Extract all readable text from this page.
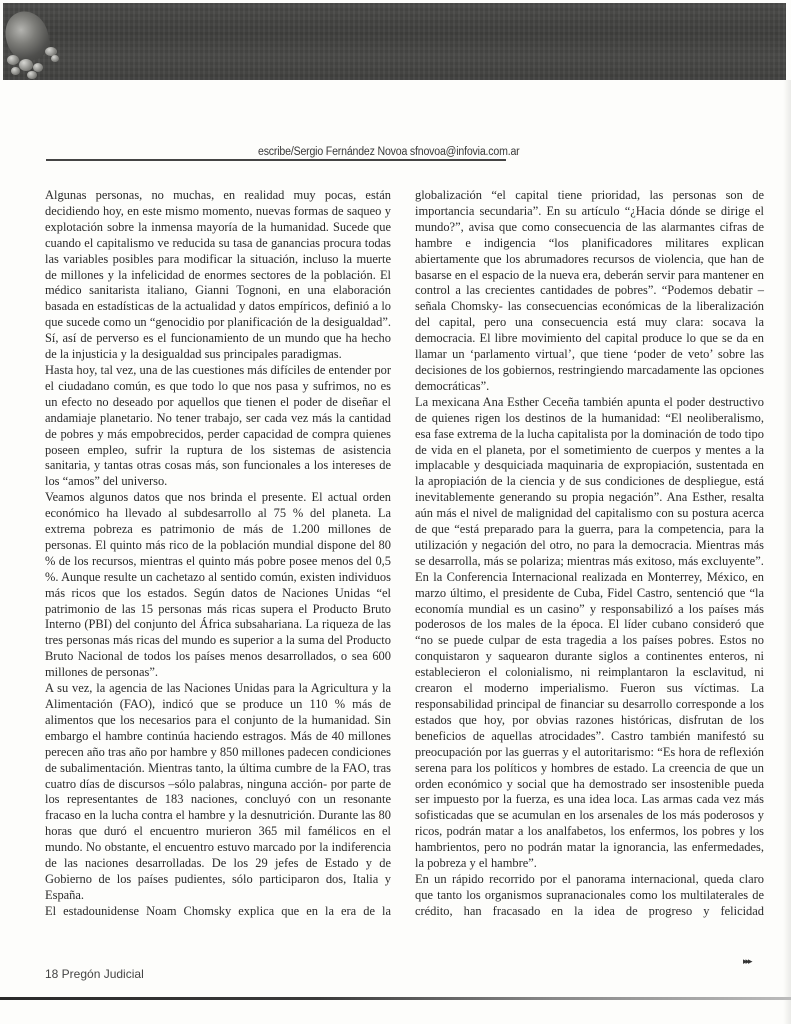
escribe/Sergio Fernández Novoa sfnovoa@infovia.com.ar

Algunas personas, no muchas, en realidad muy pocas, están decidiendo hoy, en este mismo momento, nuevas formas de saqueo y explotación sobre la inmensa mayoría de la humanidad. Sucede que cuando el capitalismo ve reducida su tasa de ganancias procura todas las variables posibles para modificar la situación, incluso la muerte de millones y la infelicidad de enormes sectores de la población. El médico sanitarista italiano, Gianni Tognoni, en una elaboración basada en estadísticas de la actualidad y datos empíricos, definió a lo que sucede como un “genocidio por planificación de la desigualdad”. Sí, así de perverso es el funcionamiento de un mundo que ha hecho de la injusticia y la desigualdad sus principales paradigmas.

Hasta hoy, tal vez, una de las cuestiones más difíciles de entender por el ciudadano común, es que todo lo que nos pasa y sufrimos, no es un efecto no deseado por aquellos que tienen el poder de diseñar el andamiaje planetario. No tener trabajo, ser cada vez más la cantidad de pobres y más empobrecidos, perder capacidad de compra quienes poseen empleo, sufrir la ruptura de los sistemas de asistencia sanitaria, y tantas otras cosas más, son funcionales a los intereses de los “amos” del universo.

Veamos algunos datos que nos brinda el presente. El actual orden económico ha llevado al subdesarrollo al 75 % del planeta. La extrema pobreza es patrimonio de más de 1.200 millones de personas. El quinto más rico de la población mundial dispone del 80 % de los recursos, mientras el quinto más pobre posee menos del 0,5 %. Aunque resulte un cachetazo al sentido común, existen individuos más ricos que los estados. Según datos de Naciones Unidas “el patrimonio de las 15 personas más ricas supera el Producto Bruto Interno (PBI) del conjunto del África subsahariana. La riqueza de las tres personas más ricas del mundo es superior a la suma del Producto Bruto Nacional de todos los países menos desarrollados, o sea 600 millones de personas”.

A su vez, la agencia de las Naciones Unidas para la Agricultura y la Alimentación (FAO), indicó que se produce un 110 % más de alimentos que los necesarios para el conjunto de la humanidad. Sin embargo el hambre continúa haciendo estragos. Más de 40 millones perecen año tras año por hambre y 850 millones padecen condiciones de subalimentación. Mientras tanto, la última cumbre de la FAO, tras cuatro días de discursos –sólo palabras, ninguna acción- por parte de los representantes de 183 naciones, concluyó con un resonante fracaso en la lucha contra el hambre y la desnutrición. Durante las 80 horas que duró el encuentro murieron 365 mil famélicos en el mundo. No obstante, el encuentro estuvo marcado por la indiferencia de las naciones desarrolladas. De los 29 jefes de Estado y de Gobierno de los países pudientes, sólo participaron dos, Italia y España.

El estadounidense Noam Chomsky explica que en la era de la

globalización “el capital tiene prioridad, las personas son de importancia secundaria”. En su artículo “¿Hacia dónde se dirige el mundo?”, avisa que como consecuencia de las alarmantes cifras de hambre e indigencia “los planificadores militares explican abiertamente que los abrumadores recursos de violencia, que han de basarse en el espacio de la nueva era, deberán servir para mantener en control a las crecientes cantidades de pobres”. “Podemos debatir –señala Chomsky- las consecuencias económicas de la liberalización del capital, pero una consecuencia está muy clara: socava la democracia. El libre movimiento del capital produce lo que se da en llamar un ‘parlamento virtual’, que tiene ‘poder de veto’ sobre las decisiones de los gobiernos, restringiendo marcadamente las opciones democráticas”.

La mexicana Ana Esther Ceceña también apunta el poder destructivo de quienes rigen los destinos de la humanidad: “El neoliberalismo, esa fase extrema de la lucha capitalista por la dominación de todo tipo de vida en el planeta, por el sometimiento de cuerpos y mentes a la implacable y desquiciada maquinaria de expropiación, sustentada en la apropiación de la ciencia y de sus condiciones de despliegue, está inevitablemente generando su propia negación”. Ana Esther, resalta aún más el nivel de malignidad del capitalismo con su postura acerca de que “está preparado para la guerra, para la competencia, para la utilización y negación del otro, no para la democracia. Mientras más se desarrolla, más se polariza; mientras más exitoso, más excluyente”.

En la Conferencia Internacional realizada en Monterrey, México, en marzo último, el presidente de Cuba, Fidel Castro, sentenció que “la economía mundial es un casino” y responsabilizó a los países más poderosos de los males de la época. El líder cubano consideró que “no se puede culpar de esta tragedia a los países pobres. Estos no conquistaron y saquearon durante siglos a continentes enteros, ni establecieron el colonialismo, ni reimplantaron la esclavitud, ni crearon el moderno imperialismo. Fueron sus víctimas. La responsabilidad principal de financiar su desarrollo corresponde a los estados que hoy, por obvias razones históricas, disfrutan de los beneficios de aquellas atrocidades”. Castro también manifestó su preocupación por las guerras y el autoritarismo: “Es hora de reflexión serena para los políticos y hombres de estado. La creencia de que un orden económico y social que ha demostrado ser insostenible pueda ser impuesto por la fuerza, es una idea loca. Las armas cada vez más sofisticadas que se acumulan en los arsenales de los más poderosos y ricos, podrán matar a los analfabetos, los enfermos, los pobres y los hambrientos, pero no podrán matar la ignorancia, las enfermedades, la pobreza y el hambre”.

En un rápido recorrido por el panorama internacional, queda claro que tanto los organismos supranacionales como los multilaterales de crédito, han fracasado en la idea de progreso y felicidad

▸▸▸
18 Pregón Judicial
